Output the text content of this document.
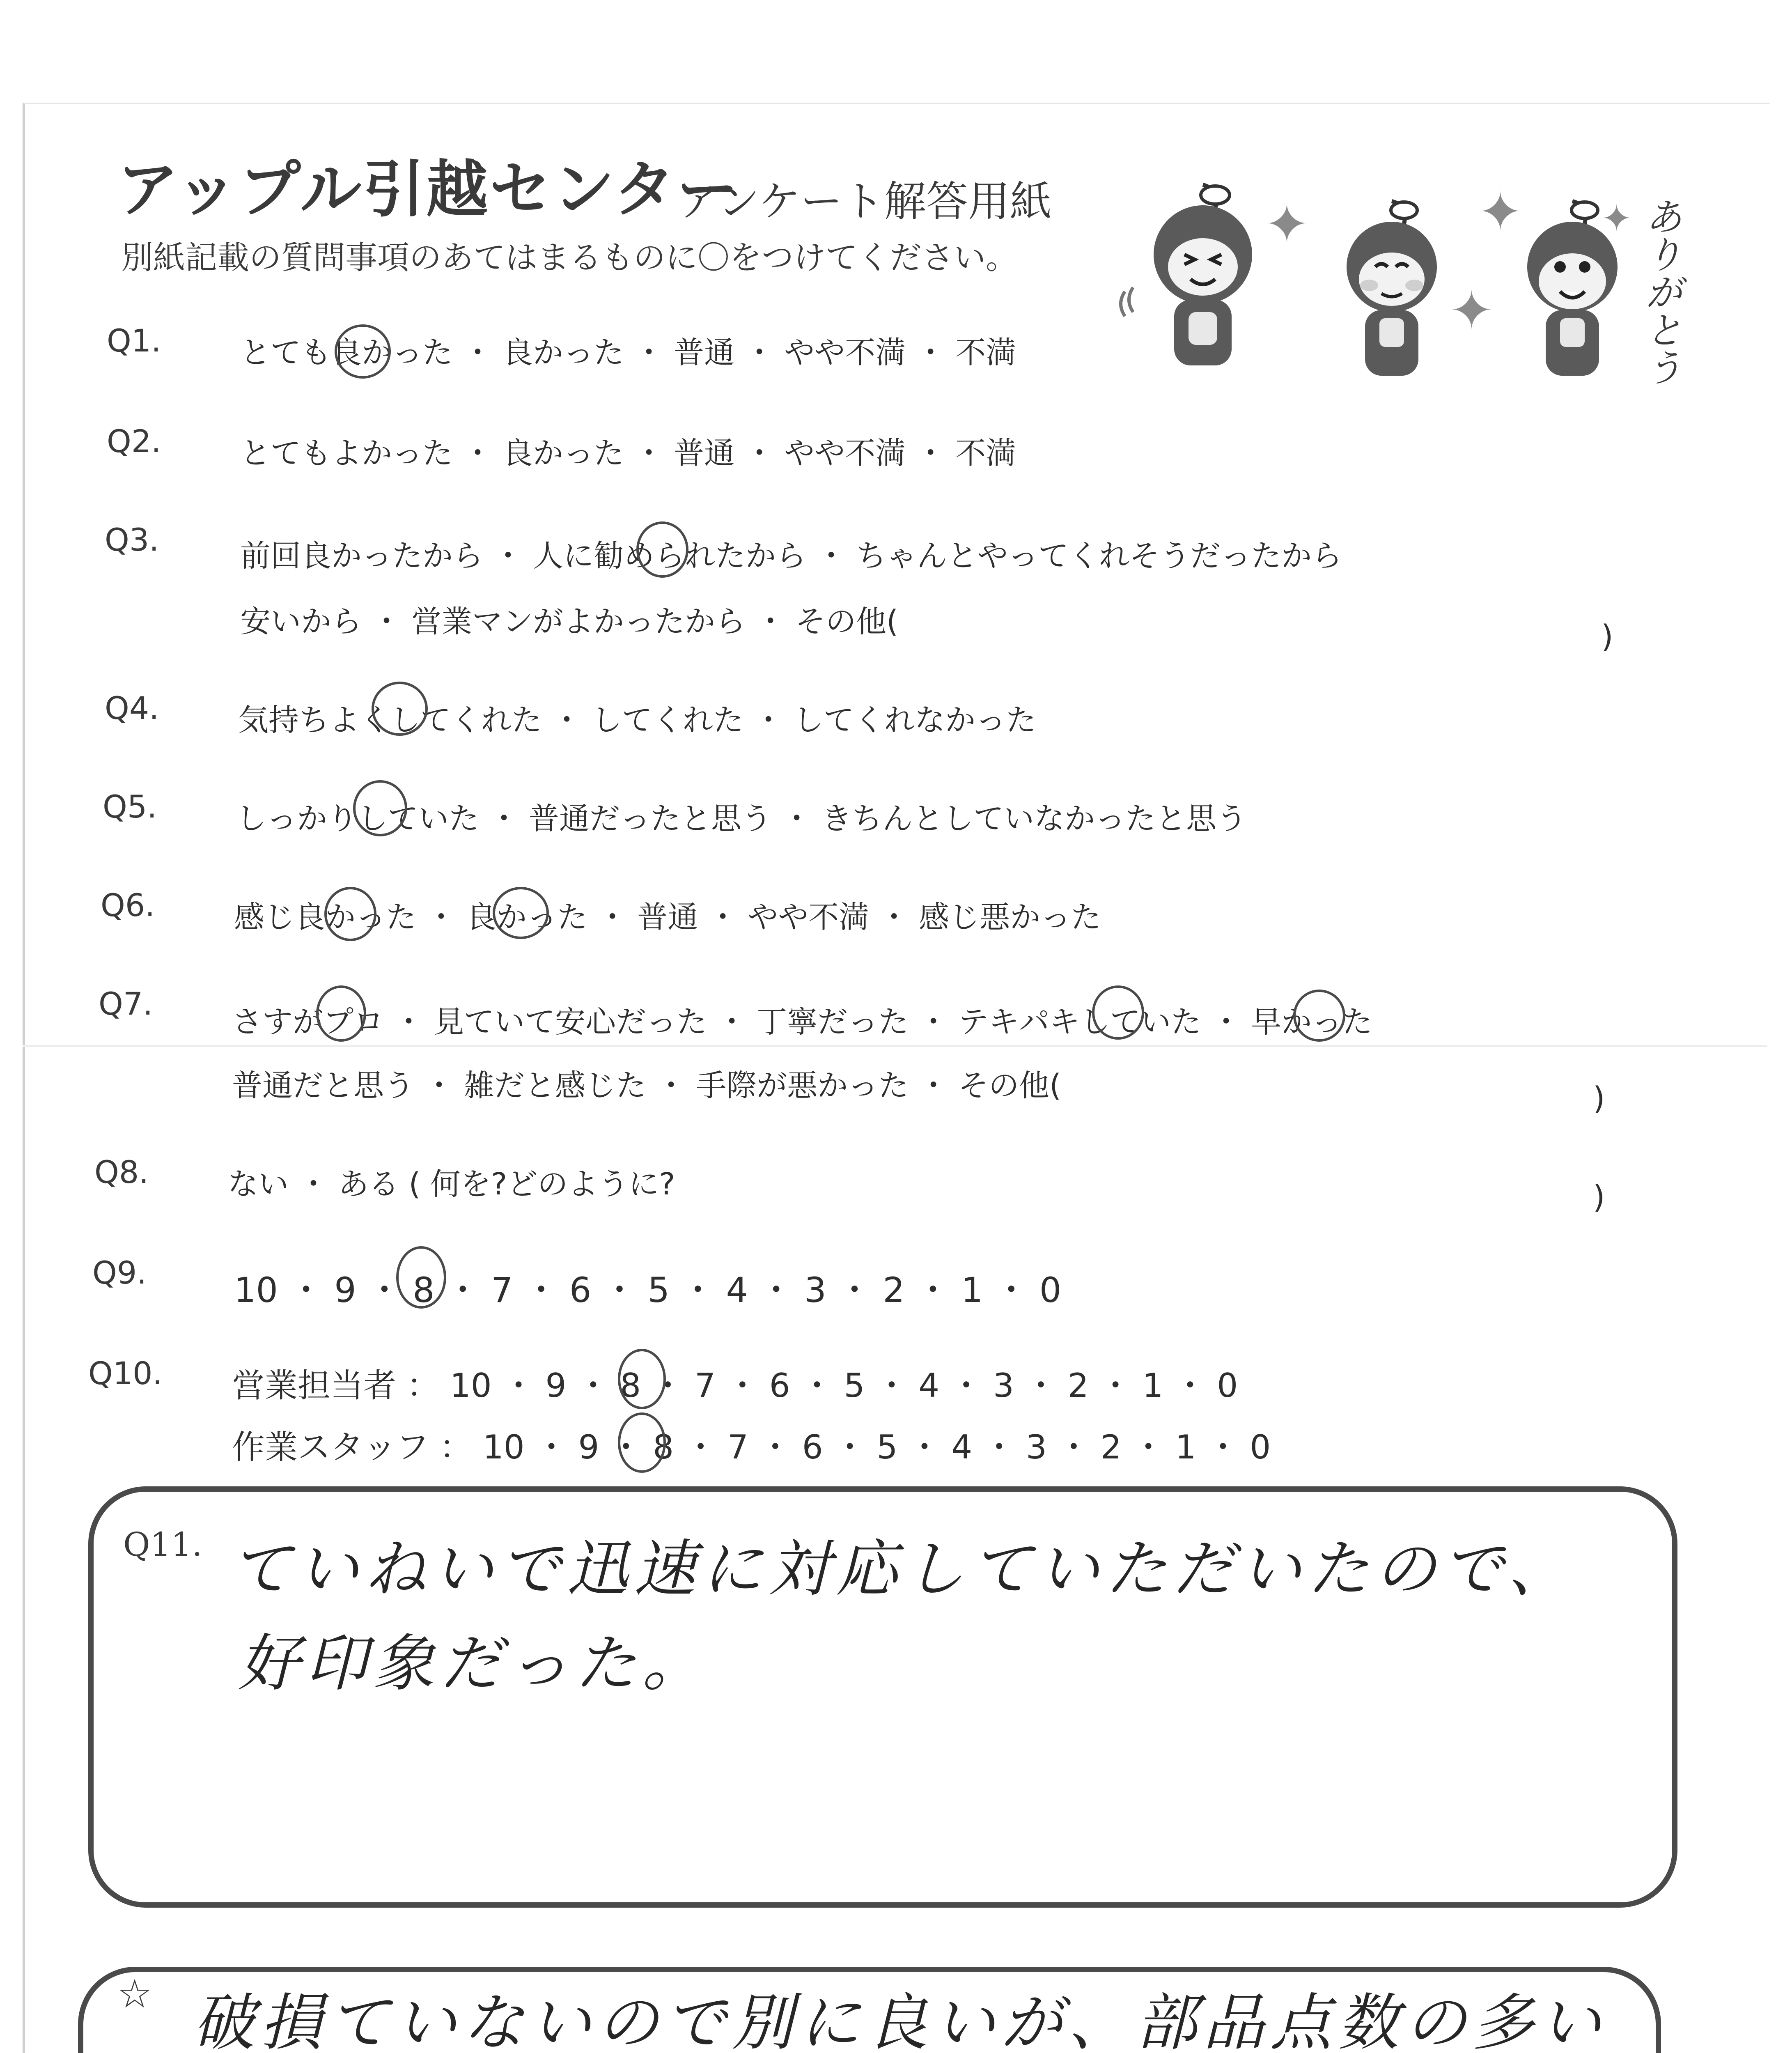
アップル引越センター
アンケート解答用紙
別紙記載の質問事項のあてはまるものに〇をつけてください。
✦	✦
✦
✦ ありがとう
Q1.	とても良かった ・ 良かった ・ 普通 ・ やや不満 ・ 不満
Q2.	とてもよかった ・ 良かった ・ 普通 ・ やや不満 ・ 不満
Q3.	前回良かったから ・ 人に勧められたから ・ ちゃんとやってくれそうだったから
安いから ・ 営業マンがよかったから ・ その他(	)
Q4.	気持ちよくしてくれた ・ してくれた ・ してくれなかった
Q5.	しっかりしていた ・ 普通だったと思う ・ きちんとしていなかったと思う
Q6.	感じ良かった ・ 良かった ・ 普通 ・ やや不満 ・ 感じ悪かった
Q7.	さすがプロ ・ 見ていて安心だった ・ 丁寧だった ・ テキパキしていた ・ 早かった
普通だと思う ・ 雑だと感じた ・ 手際が悪かった ・ その他(	)
Q8.	ない ・ ある ( 何を?どのように?	)
Q9.	10 ・ 9 ・ 8 ・ 7 ・ 6 ・ 5 ・ 4 ・ 3 ・ 2 ・ 1 ・ 0
Q10. 営業担当者 ： 10 ・ 9 ・ 8 ・ 7 ・ 6 ・ 5 ・ 4 ・ 3 ・ 2 ・ 1 ・ 0
作業スタッフ ： 10 ・ 9 ・ 8 ・ 7 ・ 6 ・ 5 ・ 4 ・ 3 ・ 2 ・ 1 ・ 0
Q11. ていねいで迅速に対応していただいたので、
好印象だった。
☆ 破損ていないので別に良いが、部品点数の多い
